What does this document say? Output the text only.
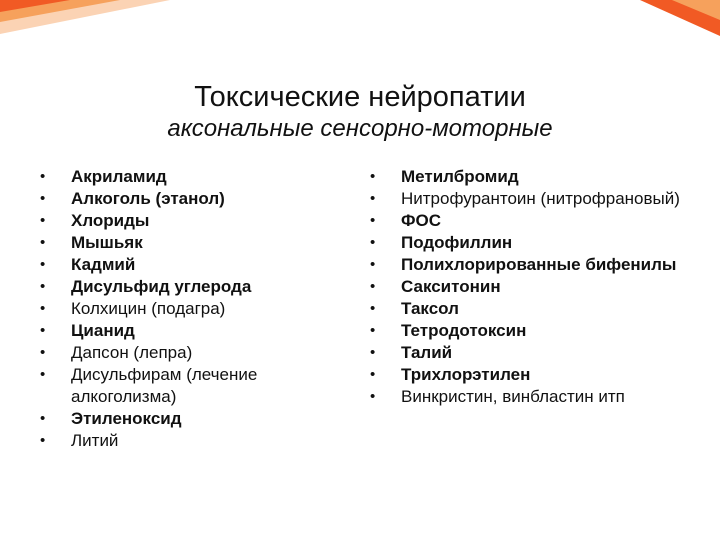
Токсические нейропатии
аксональные сенсорно-моторные
• Акриламид
• Алкоголь (этанол)
• Хлориды
• Мышьяк
• Кадмий
• Дисульфид углерода
• Колхицин (подагра)
• Цианид
• Дапсон (лепра)
• Дисульфирам (лечение алкоголизма)
• Этиленоксид
• Литий
• Метилбромид
• Нитрофурантоин (нитрофрановый)
• ФОС
• Подофиллин
• Полихлорированные бифенилы
• Сакситонин
• Таксол
• Тетродотоксин
• Талий
• Трихлорэтилен
• Винкристин, винбластин итп
